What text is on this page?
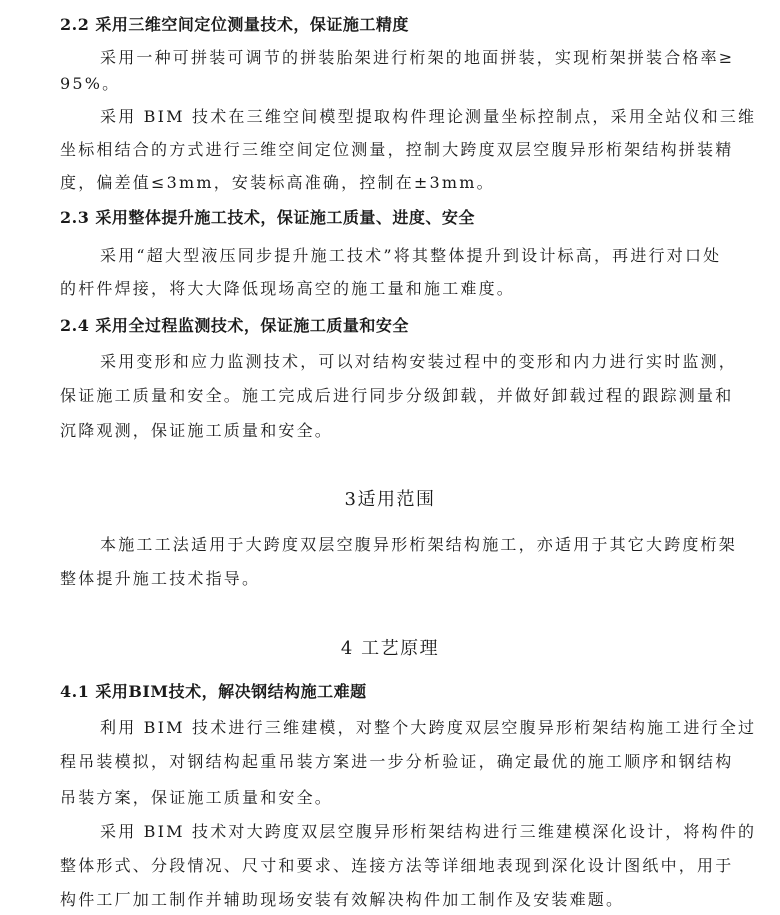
2.2 采用三维空间定位测量技术，保证施工精度
采用一种可拼装可调节的拼装胎架进行桁架的地面拼装，实现桁架拼装合格率≥
95%。
采用 BIM 技术在三维空间模型提取构件理论测量坐标控制点，采用全站仪和三维
坐标相结合的方式进行三维空间定位测量，控制大跨度双层空腹异形桁架结构拼装精
度，偏差值≤3mm，安装标高准确，控制在±3mm。
2.3 采用整体提升施工技术，保证施工质量、进度、安全
采用“超大型液压同步提升施工技术”将其整体提升到设计标高，再进行对口处
的杆件焊接，将大大降低现场高空的施工量和施工难度。
2.4 采用全过程监测技术，保证施工质量和安全
采用变形和应力监测技术，可以对结构安装过程中的变形和内力进行实时监测，
保证施工质量和安全。施工完成后进行同步分级卸载，并做好卸载过程的跟踪测量和
沉降观测，保证施工质量和安全。
3适用范围
本施工工法适用于大跨度双层空腹异形桁架结构施工，亦适用于其它大跨度桁架
整体提升施工技术指导。
4 工艺原理
4.1 采用BIM技术，解决钢结构施工难题
利用 BIM 技术进行三维建模，对整个大跨度双层空腹异形桁架结构施工进行全过
程吊装模拟，对钢结构起重吊装方案进一步分析验证，确定最优的施工顺序和钢结构
吊装方案，保证施工质量和安全。
采用 BIM 技术对大跨度双层空腹异形桁架结构进行三维建模深化设计，将构件的
整体形式、分段情况、尺寸和要求、连接方法等详细地表现到深化设计图纸中，用于
构件工厂加工制作并辅助现场安装有效解决构件加工制作及安装难题。
